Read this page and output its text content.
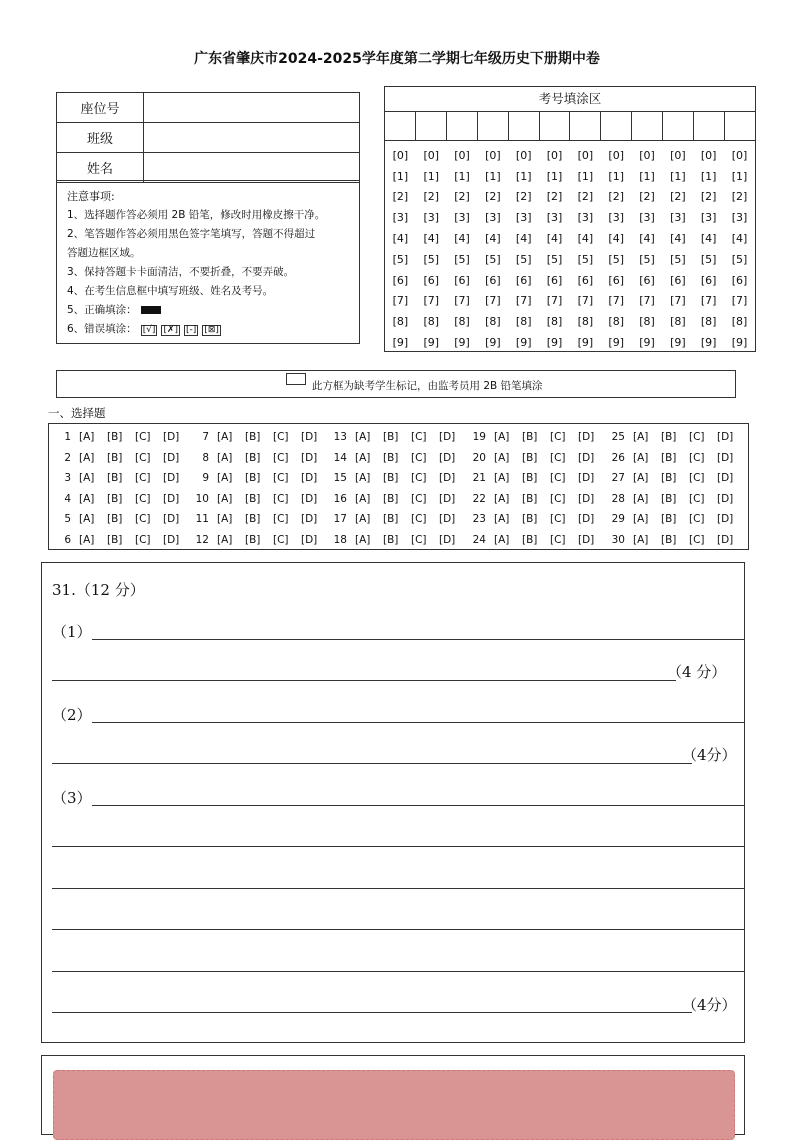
广东省肇庆市2024-2025学年度第二学期七年级历史下册期中卷
座位号	
班级	
姓名	
注意事项:
1、选择题作答必须用 2B 铅笔，修改时用橡皮擦干净。
2、笔答题作答必须用黑色签字笔填写，答题不得超过
答题边框区域。
3、保持答题卡卡面清洁，不要折叠，不要弄破。
4、在考生信息框中填写班级、姓名及考号。
5、正确填涂：
6、错误填涂： [√] [✗] [-] [⊠]
考号填涂区

[0]	[0]	[0]	[0]	[0]	[0]	[0]	[0]	[0]	[0]	[0]	[0]
[1]	[1]	[1]	[1]	[1]	[1]	[1]	[1]	[1]	[1]	[1]	[1]
[2]	[2]	[2]	[2]	[2]	[2]	[2]	[2]	[2]	[2]	[2]	[2]
[3]	[3]	[3]	[3]	[3]	[3]	[3]	[3]	[3]	[3]	[3]	[3]
[4]	[4]	[4]	[4]	[4]	[4]	[4]	[4]	[4]	[4]	[4]	[4]
[5]	[5]	[5]	[5]	[5]	[5]	[5]	[5]	[5]	[5]	[5]	[5]
[6]	[6]	[6]	[6]	[6]	[6]	[6]	[6]	[6]	[6]	[6]	[6]
[7]	[7]	[7]	[7]	[7]	[7]	[7]	[7]	[7]	[7]	[7]	[7]
[8]	[8]	[8]	[8]	[8]	[8]	[8]	[8]	[8]	[8]	[8]	[8]
[9]	[9]	[9]	[9]	[9]	[9]	[9]	[9]	[9]	[9]	[9]	[9]
此方框为缺考学生标记，由监考员用 2B 铅笔填涂
一、选择题
1 [A] [B] [C] [D]	7 [A] [B] [C] [D] 13 [A] [B] [C] [D] 19 [A] [B] [C] [D] 25 [A] [B] [C] [D]
2 [A] [B] [C] [D]	8 [A] [B] [C] [D] 14 [A] [B] [C] [D] 20 [A] [B] [C] [D] 26 [A] [B] [C] [D]
3 [A] [B] [C] [D]	9 [A] [B] [C] [D] 15 [A] [B] [C] [D] 21 [A] [B] [C] [D] 27 [A] [B] [C] [D]
4 [A] [B] [C] [D] 10 [A] [B] [C] [D] 16 [A] [B] [C] [D] 22 [A] [B] [C] [D] 28 [A] [B] [C] [D]
5 [A] [B] [C] [D] 11 [A] [B] [C] [D] 17 [A] [B] [C] [D] 23 [A] [B] [C] [D] 29 [A] [B] [C] [D]
6 [A] [B] [C] [D] 12 [A] [B] [C] [D] 18 [A] [B] [C] [D] 24 [A] [B] [C] [D] 30 [A] [B] [C] [D]
31.（12 分）
（1）
（4 分）
（2）
（4分）
（3）
（4分）
